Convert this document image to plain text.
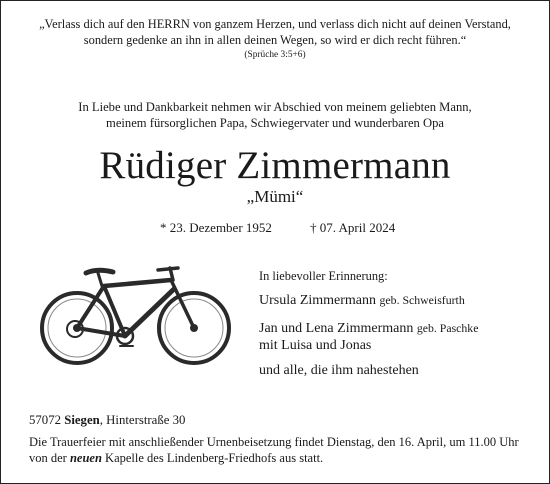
„Verlass dich auf den HERRN von ganzem Herzen, und verlass dich nicht auf deinen Verstand,
sondern gedenke an ihn in allen deinen Wegen, so wird er dich recht führen.“
(Sprüche 3:5+6)
In Liebe und Dankbarkeit nehmen wir Abschied von meinem geliebten Mann,
meinem fürsorglichen Papa, Schwiegervater und wunderbaren Opa
Rüdiger Zimmermann
„Mümi“
* 23. Dezember 1952	† 07. April 2024
In liebevoller Erinnerung:
Ursula Zimmermann geb. Schweisfurth
Jan und Lena Zimmermann geb. Paschke
mit Luisa und Jonas
und alle, die ihm nahestehen
57072 Siegen, Hinterstraße 30
Die Trauerfeier mit anschließender Urnenbeisetzung findet Dienstag, den 16. April, um 11.00 Uhr
von der neuen Kapelle des Lindenberg-Friedhofs aus statt.
